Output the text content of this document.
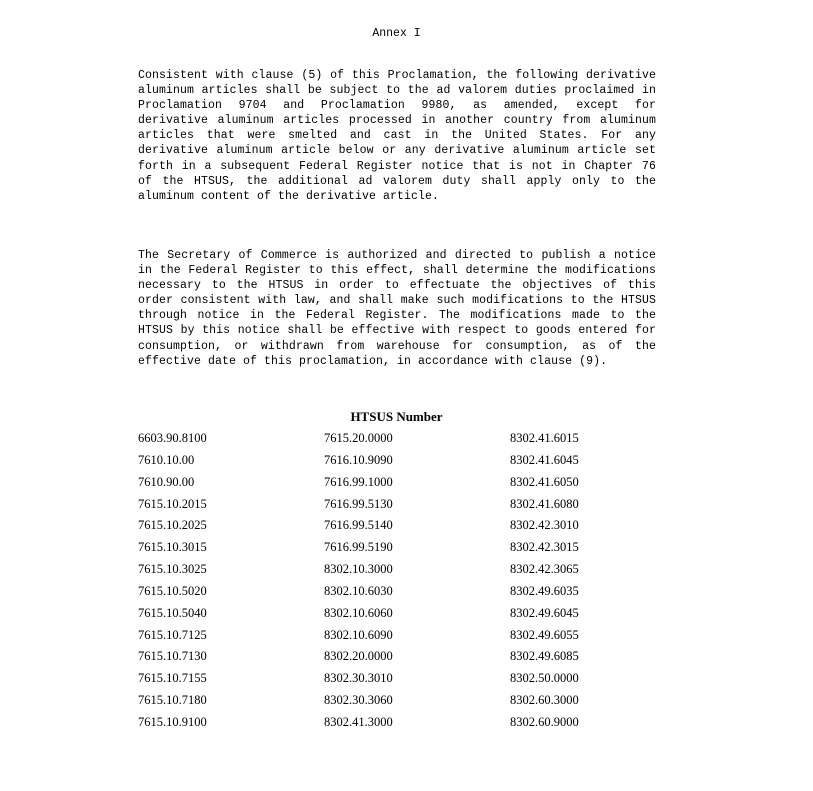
Annex I

Consistent with clause (5) of this Proclamation, the following derivative aluminum articles shall be subject to the ad valorem duties proclaimed in Proclamation 9704 and Proclamation 9980, as amended, except for derivative aluminum articles processed in another country from aluminum articles that were smelted and cast in the United States. For any derivative aluminum article below or any derivative aluminum article set forth in a subsequent Federal Register notice that is not in Chapter 76 of the HTSUS, the additional ad valorem duty shall apply only to the aluminum content of the derivative article.

The Secretary of Commerce is authorized and directed to publish a notice in the Federal Register to this effect, shall determine the modifications necessary to the HTSUS in order to effectuate the objectives of this order consistent with law, and shall make such modifications to the HTSUS through notice in the Federal Register. The modifications made to the HTSUS by this notice shall be effective with respect to goods entered for consumption, or withdrawn from warehouse for consumption, as of the effective date of this proclamation, in accordance with clause (9).

HTSUS Number
6603.90.8100	7615.20.0000	8302.41.6015
7610.10.00	7616.10.9090	8302.41.6045
7610.90.00	7616.99.1000	8302.41.6050
7615.10.2015	7616.99.5130	8302.41.6080
7615.10.2025	7616.99.5140	8302.42.3010
7615.10.3015	7616.99.5190	8302.42.3015
7615.10.3025	8302.10.3000	8302.42.3065
7615.10.5020	8302.10.6030	8302.49.6035
7615.10.5040	8302.10.6060	8302.49.6045
7615.10.7125	8302.10.6090	8302.49.6055
7615.10.7130	8302.20.0000	8302.49.6085
7615.10.7155	8302.30.3010	8302.50.0000
7615.10.7180	8302.30.3060	8302.60.3000
7615.10.9100	8302.41.3000	8302.60.9000
